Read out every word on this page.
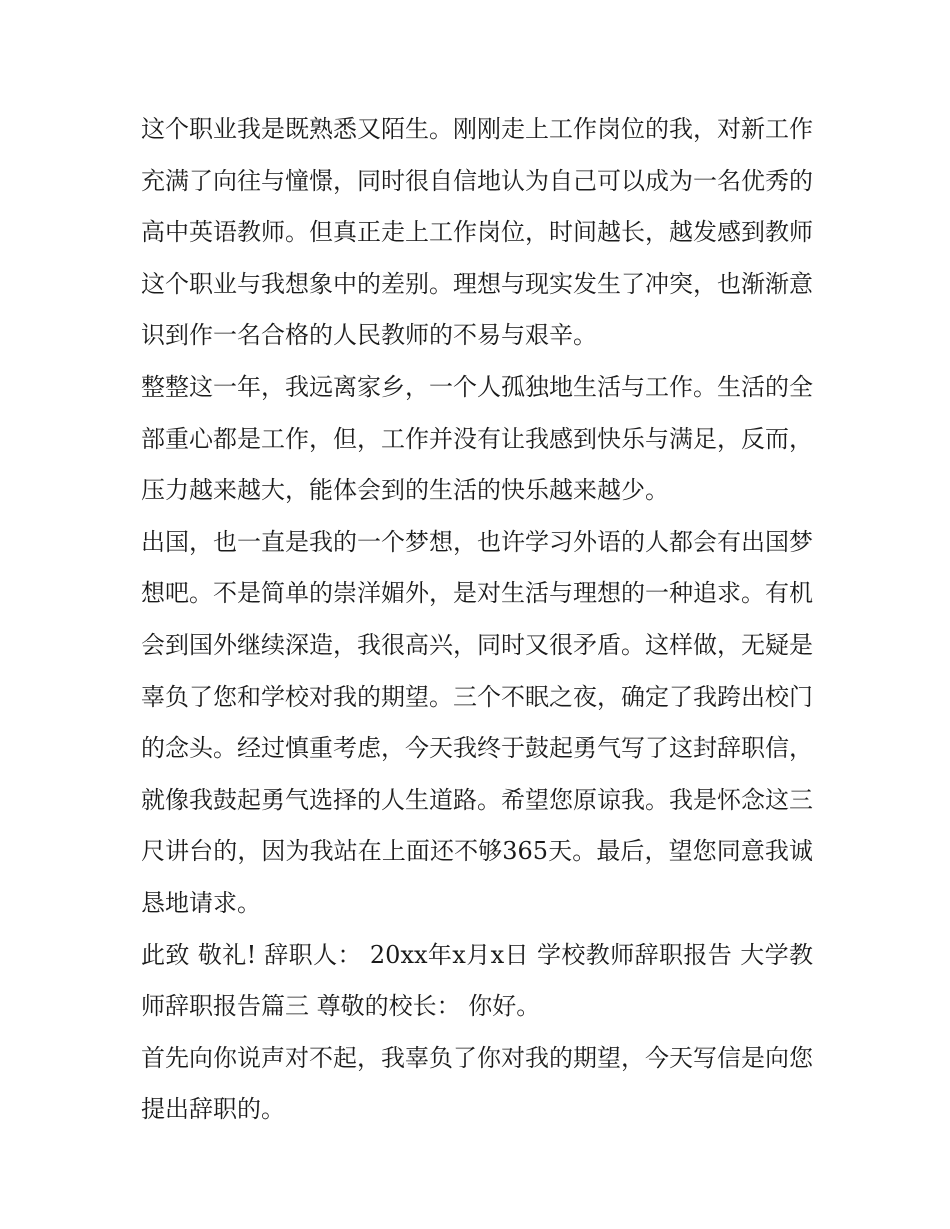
这个职业我是既熟悉又陌生。刚刚走上工作岗位的我，对新工作充满了向往与憧憬，同时很自信地认为自己可以成为一名优秀的高中英语教师。但真正走上工作岗位，时间越长，越发感到教师这个职业与我想象中的差别。理想与现实发生了冲突，也渐渐意识到作一名合格的人民教师的不易与艰辛。

整整这一年，我远离家乡，一个人孤独地生活与工作。生活的全部重心都是工作，但，工作并没有让我感到快乐与满足，反而，压力越来越大，能体会到的生活的快乐越来越少。

出国，也一直是我的一个梦想，也许学习外语的人都会有出国梦想吧。不是简单的崇洋媚外，是对生活与理想的一种追求。有机会到国外继续深造，我很高兴，同时又很矛盾。这样做，无疑是辜负了您和学校对我的期望。三个不眠之夜，确定了我跨出校门的念头。经过慎重考虑，今天我终于鼓起勇气写了这封辞职信，就像我鼓起勇气选择的人生道路。希望您原谅我。我是怀念这三尺讲台的，因为我站在上面还不够365天。最后，望您同意我诚恳地请求。

此致 敬礼! 辞职人： 20xx年x月x日 学校教师辞职报告 大学教师辞职报告篇三 尊敬的校长： 你好。

首先向你说声对不起，我辜负了你对我的期望，今天写信是向您提出辞职的。
